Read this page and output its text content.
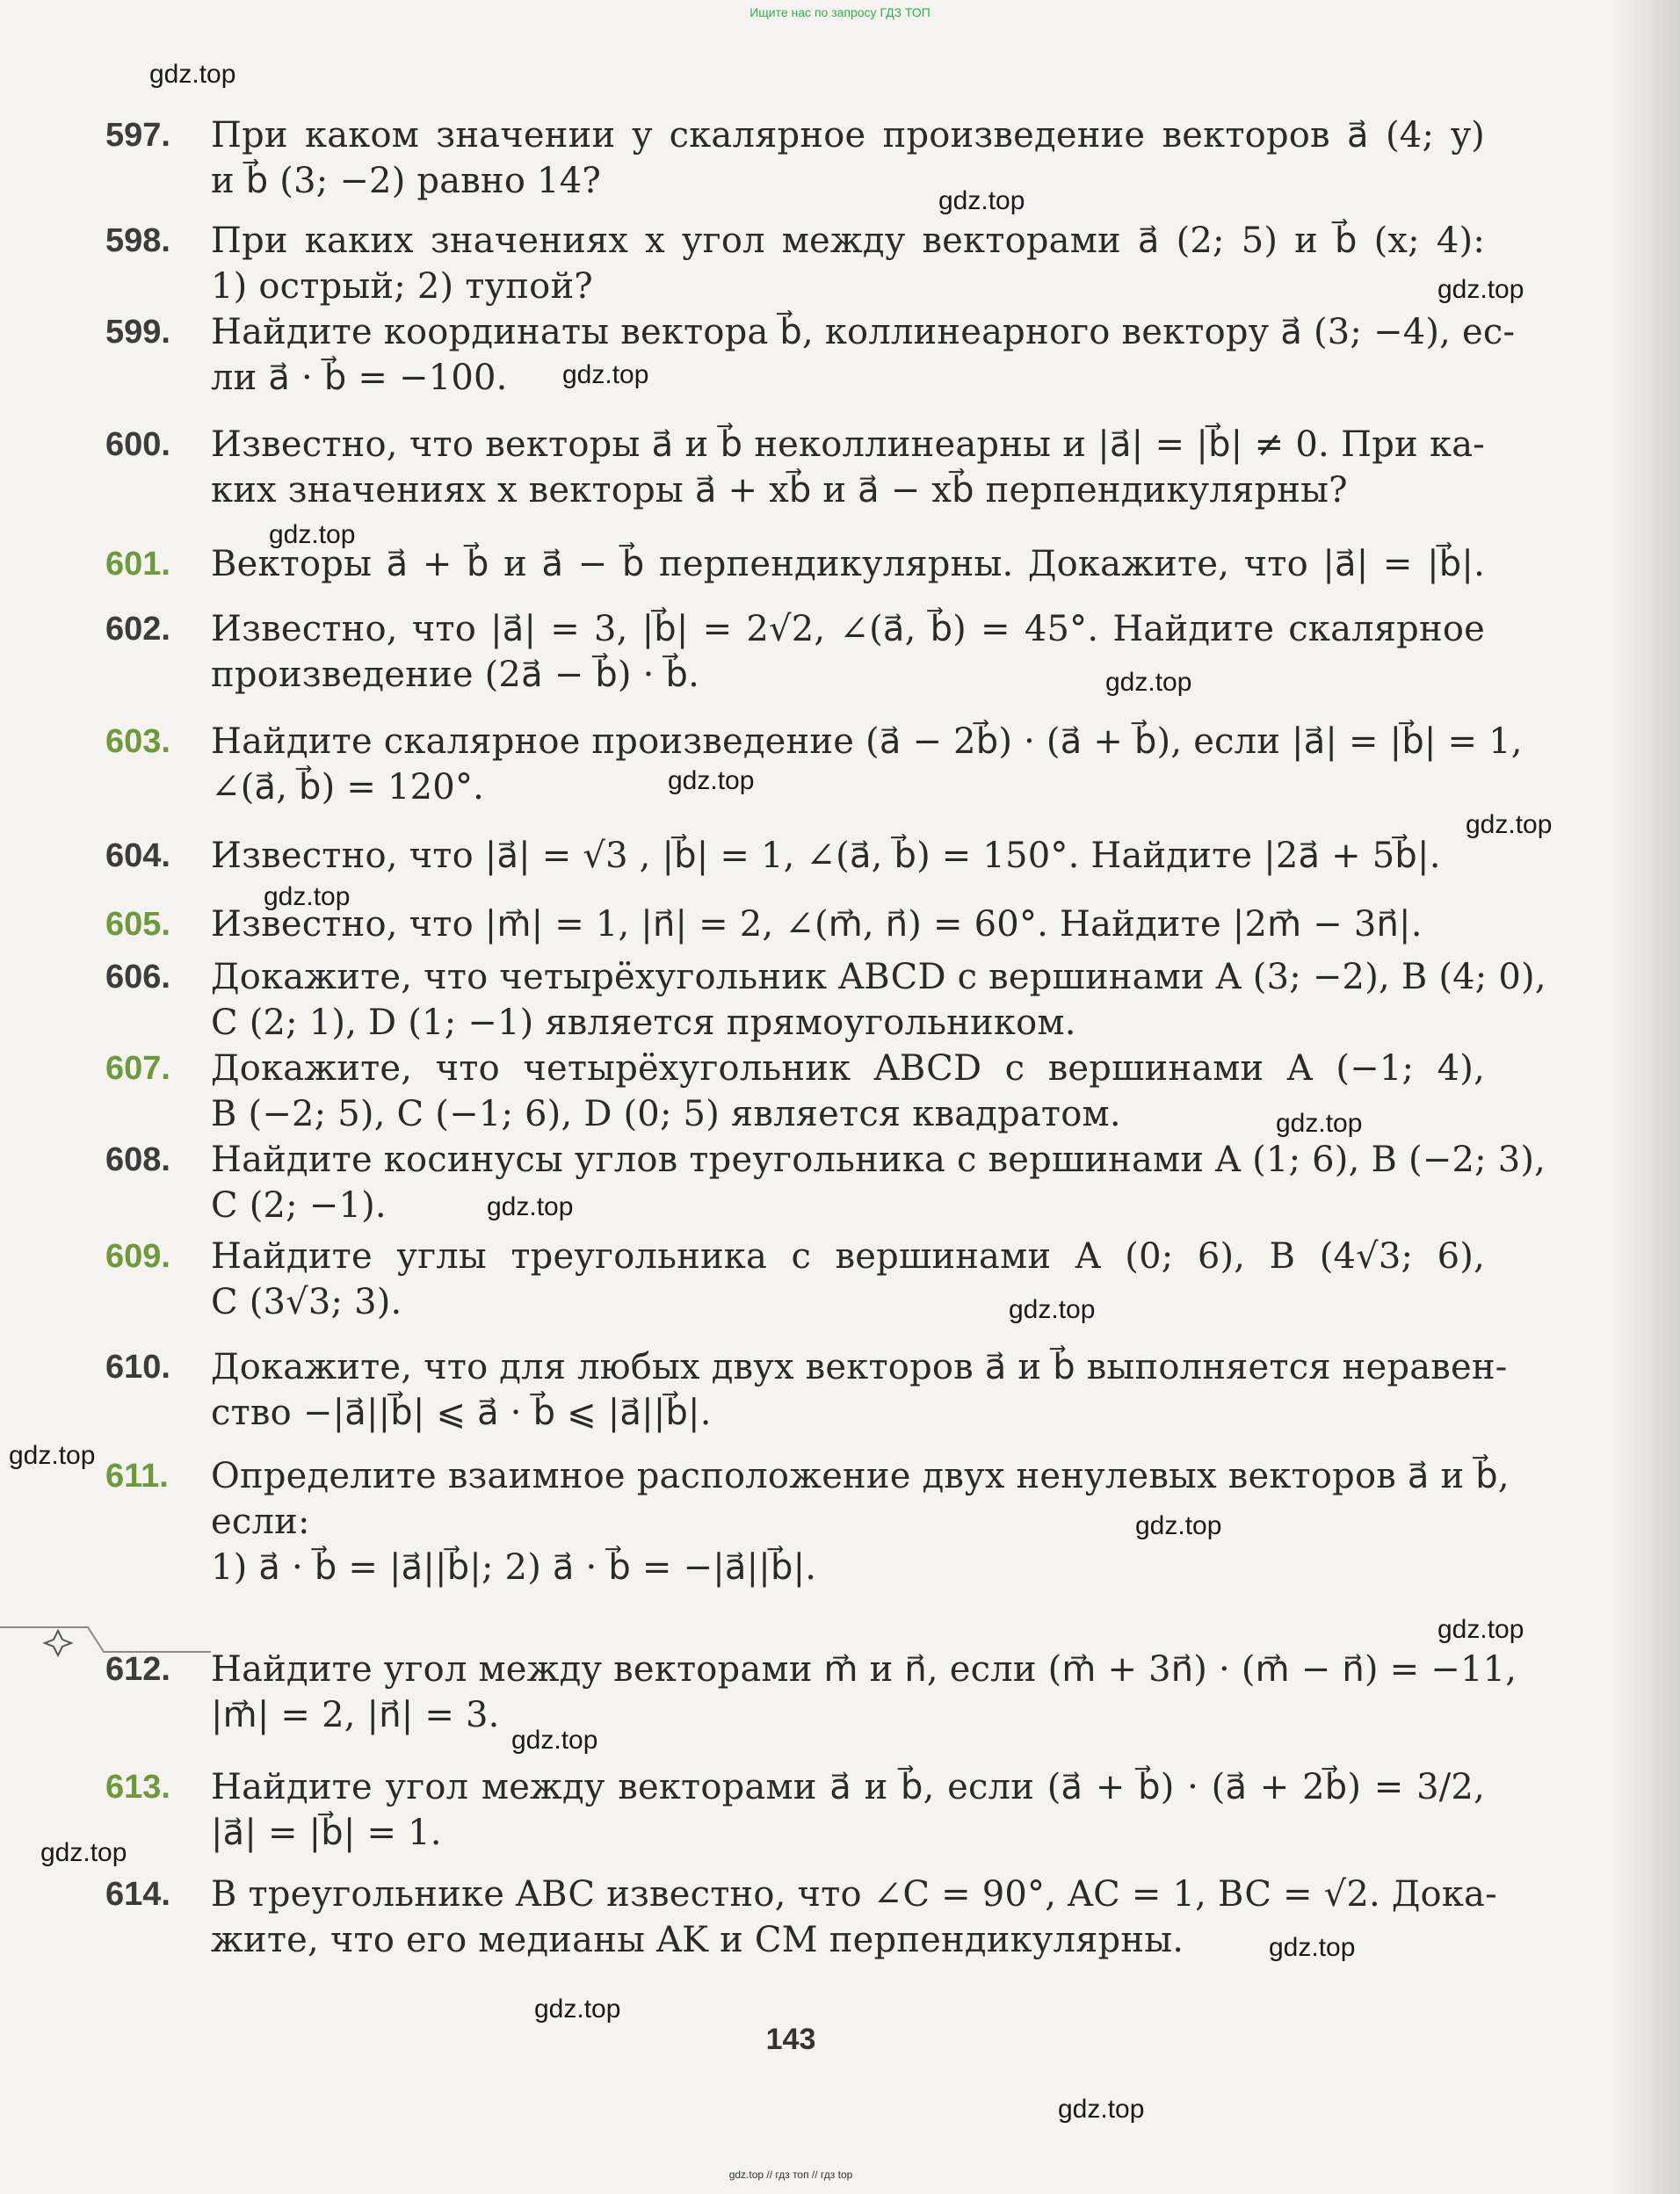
Ищите нас по запросу ГДЗ ТОП
597.	При каком значении y скалярное произведение векторов a⃗ (4; y)
и b⃗ (3; −2) равно 14?
598.	При каких значениях x угол между векторами a⃗ (2; 5) и b⃗ (x; 4):
1) острый; 2) тупой?
599.	Найдите координаты вектора b⃗, коллинеарного вектору a⃗ (3; −4), ес-
ли a⃗ · b⃗ = −100.
600.	Известно, что векторы a⃗ и b⃗ неколлинеарны и |a⃗| = |b⃗| ≠ 0. При ка-
ких значениях x векторы a⃗ + xb⃗ и a⃗ − xb⃗ перпендикулярны?
601.	Векторы a⃗ + b⃗ и a⃗ − b⃗ перпендикулярны. Докажите, что |a⃗| = |b⃗|.
602.	Известно, что |a⃗| = 3, |b⃗| = 2√2, ∠(a⃗, b⃗) = 45°. Найдите скалярное
произведение (2a⃗ − b⃗) · b⃗.
603.	Найдите скалярное произведение (a⃗ − 2b⃗) · (a⃗ + b⃗), если |a⃗| = |b⃗| = 1,
∠(a⃗, b⃗) = 120°.
604.	Известно, что |a⃗| = √3 , |b⃗| = 1, ∠(a⃗, b⃗) = 150°. Найдите |2a⃗ + 5b⃗|.
605.	Известно, что |m⃗| = 1, |n⃗| = 2, ∠(m⃗, n⃗) = 60°. Найдите |2m⃗ − 3n⃗|.
606.	Докажите, что четырёхугольник ABCD с вершинами A (3; −2), B (4; 0),
C (2; 1), D (1; −1) является прямоугольником.
607.	Докажите, что четырёхугольник ABCD с вершинами A (−1; 4),
B (−2; 5), C (−1; 6), D (0; 5) является квадратом.
608.	Найдите косинусы углов треугольника с вершинами A (1; 6), B (−2; 3),
C (2; −1).
609.	Найдите углы треугольника с вершинами A (0; 6), B (4√3; 6),
C (3√3; 3).
610.	Докажите, что для любых двух векторов a⃗ и b⃗ выполняется неравен-
ство −|a⃗||b⃗| ⩽ a⃗ · b⃗ ⩽ |a⃗||b⃗|.
611.	Определите взаимное расположение двух ненулевых векторов a⃗ и b⃗,
если:
1) a⃗ · b⃗ = |a⃗||b⃗|; 2) a⃗ · b⃗ = −|a⃗||b⃗|.
612.	Найдите угол между векторами m⃗ и n⃗, если (m⃗ + 3n⃗) · (m⃗ − n⃗) = −11,
|m⃗| = 2, |n⃗| = 3.
613.	Найдите угол между векторами a⃗ и b⃗, если (a⃗ + b⃗) · (a⃗ + 2b⃗) = 3/2,
|a⃗| = |b⃗| = 1.
614.	В треугольнике ABC известно, что ∠C = 90°, AC = 1, BC = √2. Дока-
жите, что его медианы AK и CM перпендикулярны.
143
gdz.top // гдз топ // гдз top
gdz.top
gdz.top
gdz.top
gdz.top
gdz.top
gdz.top
gdz.top
gdz.top
gdz.top
gdz.top
gdz.top
gdz.top
gdz.top
gdz.top
gdz.top
gdz.top
gdz.top
gdz.top
gdz.top
gdz.top
